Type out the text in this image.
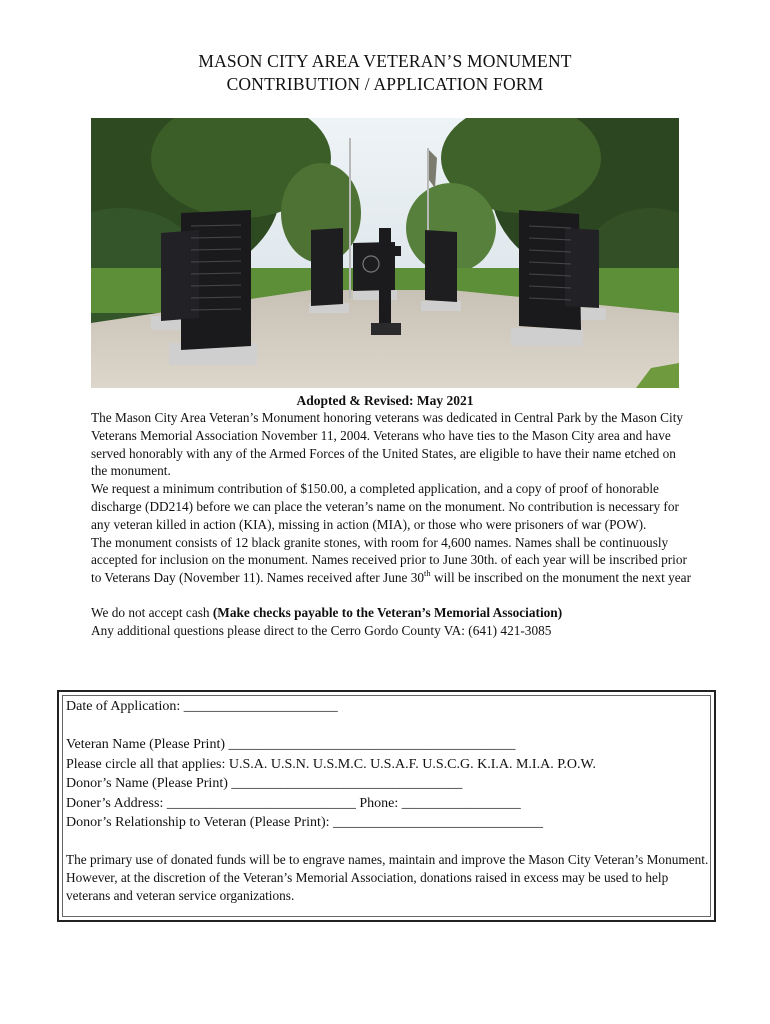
MASON CITY AREA VETERAN’S MONUMENT
CONTRIBUTION / APPLICATION FORM
Adopted & Revised: May 2021

The Mason City Area Veteran’s Monument honoring veterans was dedicated in Central Park by the Mason City Veterans Memorial Association November 11, 2004. Veterans who have ties to the Mason City area and have served honorably with any of the Armed Forces of the United States, are eligible to have their name etched on the monument.

We request a minimum contribution of $150.00, a completed application, and a copy of proof of honorable discharge (DD214) before we can place the veteran’s name on the monument. No contribution is necessary for any veteran killed in action (KIA), missing in action (MIA), or those who were prisoners of war (POW).

The monument consists of 12 black granite stones, with room for 4,600 names. Names shall be continuously accepted for inclusion on the monument. Names received prior to June 30th. of each year will be inscribed prior to Veterans Day (November 11). Names received after June 30th will be inscribed on the monument the next year

We do not accept cash (Make checks payable to the Veteran’s Memorial Association)

Any additional questions please direct to the Cerro Gordo County VA: (641) 421-3085

Date of Application: ______________________
Veteran Name (Please Print) _________________________________________
Please circle all that applies: U.S.A. U.S.N. U.S.M.C. U.S.A.F. U.S.C.G. K.I.A. M.I.A. P.O.W.
Donor’s Name (Please Print) _________________________________
Doner’s Address: ___________________________ Phone: _________________
Donor’s Relationship to Veteran (Please Print): ______________________________
The primary use of donated funds will be to engrave names, maintain and improve the Mason City Veteran’s Monument. However, at the discretion of the Veteran’s Memorial Association, donations raised in excess may be used to help veterans and veteran service organizations.
